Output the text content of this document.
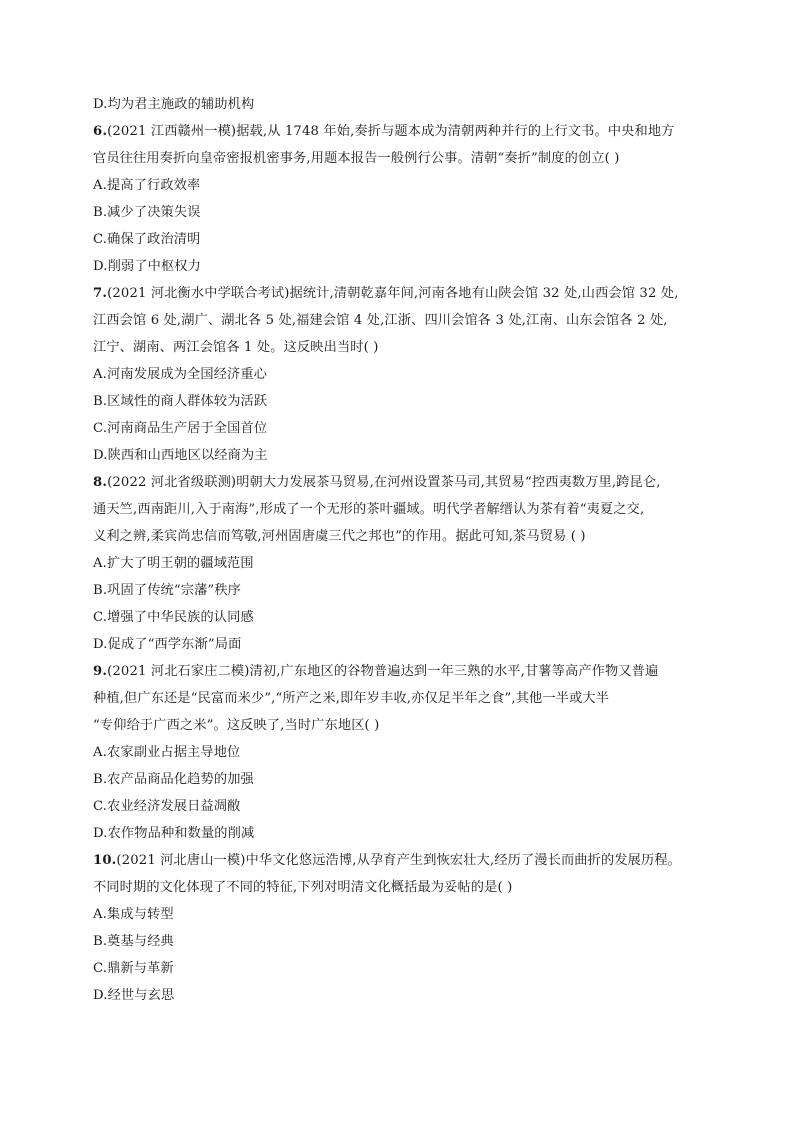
D.均为君主施政的辅助机构
6.(2021 江西赣州一模)据载,从 1748 年始,奏折与题本成为清朝两种并行的上行文书。中央和地方
官员往往用奏折向皇帝密报机密事务,用题本报告一般例行公事。清朝“奏折”制度的创立( )
A.提高了行政效率
B.减少了决策失误
C.确保了政治清明
D.削弱了中枢权力
7.(2021 河北衡水中学联合考试)据统计,清朝乾嘉年间,河南各地有山陕会馆 32 处,山西会馆 32 处,
江西会馆 6 处,湖广、湖北各 5 处,福建会馆 4 处,江浙、四川会馆各 3 处,江南、山东会馆各 2 处,
江宁、湖南、两江会馆各 1 处。这反映出当时( )
A.河南发展成为全国经济重心
B.区域性的商人群体较为活跃
C.河南商品生产居于全国首位
D.陕西和山西地区以经商为主
8.(2022 河北省级联测)明朝大力发展茶马贸易,在河州设置茶马司,其贸易“控西夷数万里,跨昆仑,
通天竺,西南距川,入于南海”,形成了一个无形的茶叶疆域。明代学者解缙认为茶有着“夷夏之交,
义利之辨,柔宾尚忠信而笃敬,河州固唐虞三代之邦也”的作用。据此可知,茶马贸易 ( )
A.扩大了明王朝的疆域范围
B.巩固了传统“宗藩”秩序
C.增强了中华民族的认同感
D.促成了“西学东渐”局面
9.(2021 河北石家庄二模)清初,广东地区的谷物普遍达到一年三熟的水平,甘薯等高产作物又普遍
种植,但广东还是“民富而米少”,“所产之米,即年岁丰收,亦仅足半年之食”,其他一半或大半
“专仰给于广西之米”。这反映了,当时广东地区( )
A.农家副业占据主导地位
B.农产品商品化趋势的加强
C.农业经济发展日益凋敝
D.农作物品种和数量的削减
10.(2021 河北唐山一模)中华文化悠远浩博,从孕育产生到恢宏壮大,经历了漫长而曲折的发展历程。
不同时期的文化体现了不同的特征,下列对明清文化概括最为妥帖的是( )
A.集成与转型
B.奠基与经典
C.鼎新与革新
D.经世与玄思
